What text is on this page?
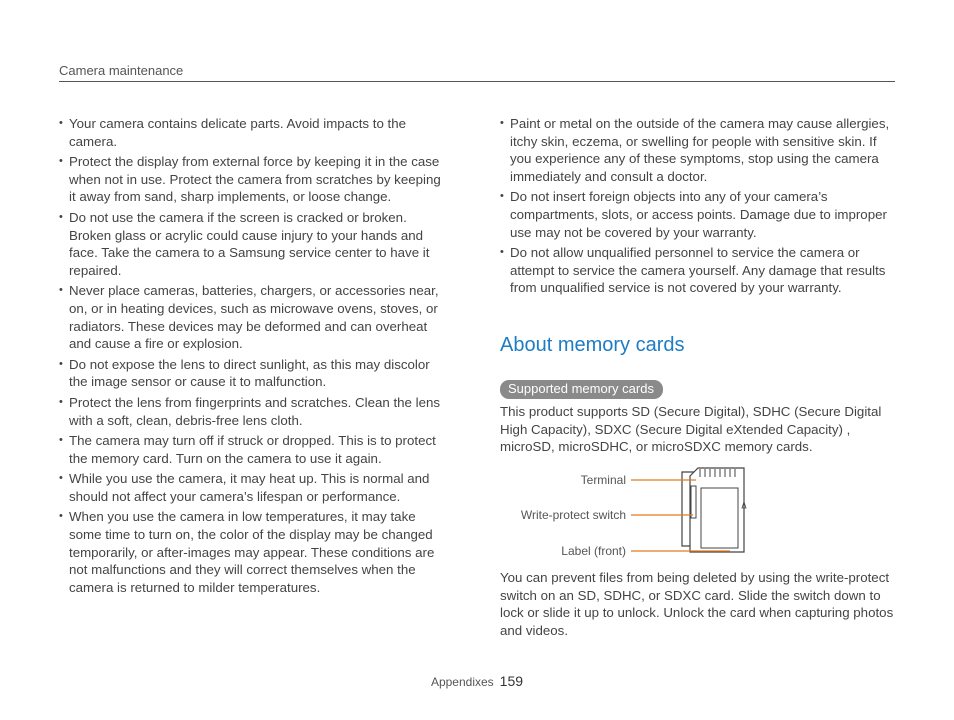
Camera maintenance
• Your camera contains delicate parts. Avoid impacts to the camera.
• Protect the display from external force by keeping it in the case when not in use. Protect the camera from scratches by keeping it away from sand, sharp implements, or loose change.
• Do not use the camera if the screen is cracked or broken. Broken glass or acrylic could cause injury to your hands and face. Take the camera to a Samsung service center to have it repaired.
• Never place cameras, batteries, chargers, or accessories near, on, or in heating devices, such as microwave ovens, stoves, or radiators. These devices may be deformed and can overheat and cause a fire or explosion.
• Do not expose the lens to direct sunlight, as this may discolor the image sensor or cause it to malfunction.
• Protect the lens from fingerprints and scratches. Clean the lens with a soft, clean, debris-free lens cloth.
• The camera may turn off if struck or dropped. This is to protect the memory card. Turn on the camera to use it again.
• While you use the camera, it may heat up. This is normal and should not affect your camera’s lifespan or performance.
• When you use the camera in low temperatures, it may take some time to turn on, the color of the display may be changed temporarily, or after-images may appear. These conditions are not malfunctions and they will correct themselves when the camera is returned to milder temperatures.
• Paint or metal on the outside of the camera may cause allergies, itchy skin, eczema, or swelling for people with sensitive skin. If you experience any of these symptoms, stop using the camera immediately and consult a doctor.
• Do not insert foreign objects into any of your camera’s compartments, slots, or access points. Damage due to improper use may not be covered by your warranty.
• Do not allow unqualified personnel to service the camera or attempt to service the camera yourself. Any damage that results from unqualified service is not covered by your warranty.
About memory cards
Supported memory cards

This product supports SD (Secure Digital), SDHC (Secure Digital High Capacity), SDXC (Secure Digital eXtended Capacity) , microSD, microSDHC, or microSDXC memory cards.

Terminal
Write-protect switch
Label (front)

You can prevent files from being deleted by using the write-protect switch on an SD, SDHC, or SDXC card. Slide the switch down to lock or slide it up to unlock. Unlock the card when capturing photos and videos.

Appendixes 159
